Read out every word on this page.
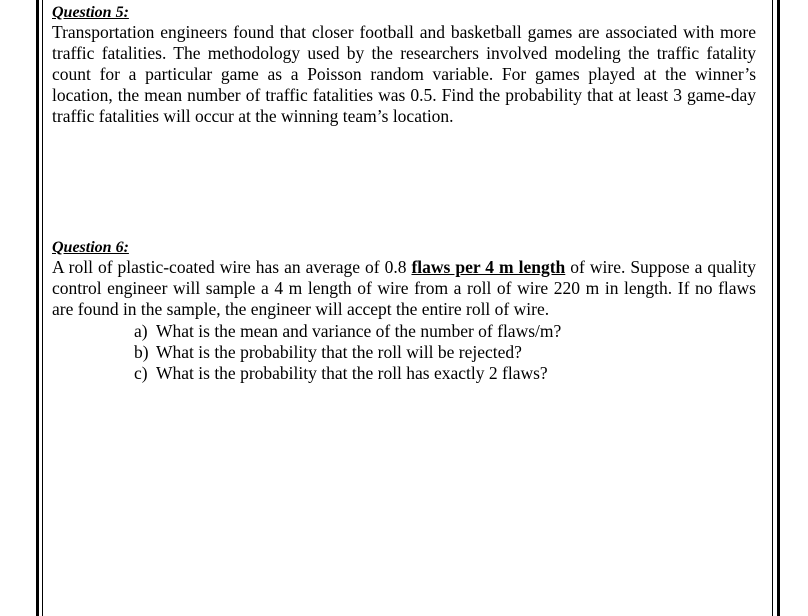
Question 5:

Transportation engineers found that closer football and basketball games are associated with more traffic fatalities. The methodology used by the researchers involved modeling the traffic fatality count for a particular game as a Poisson random variable. For games played at the winner’s location, the mean number of traffic fatalities was 0.5. Find the probability that at least 3 game-day traffic fatalities will occur at the winning team’s location.

Question 6:

A roll of plastic-coated wire has an average of 0.8 flaws per 4 m length of wire. Suppose a quality control engineer will sample a 4 m length of wire from a roll of wire 220 m in length. If no flaws are found in the sample, the engineer will accept the entire roll of wire.

a) What is the mean and variance of the number of flaws/m?
b) What is the probability that the roll will be rejected?
c) What is the probability that the roll has exactly 2 flaws?
